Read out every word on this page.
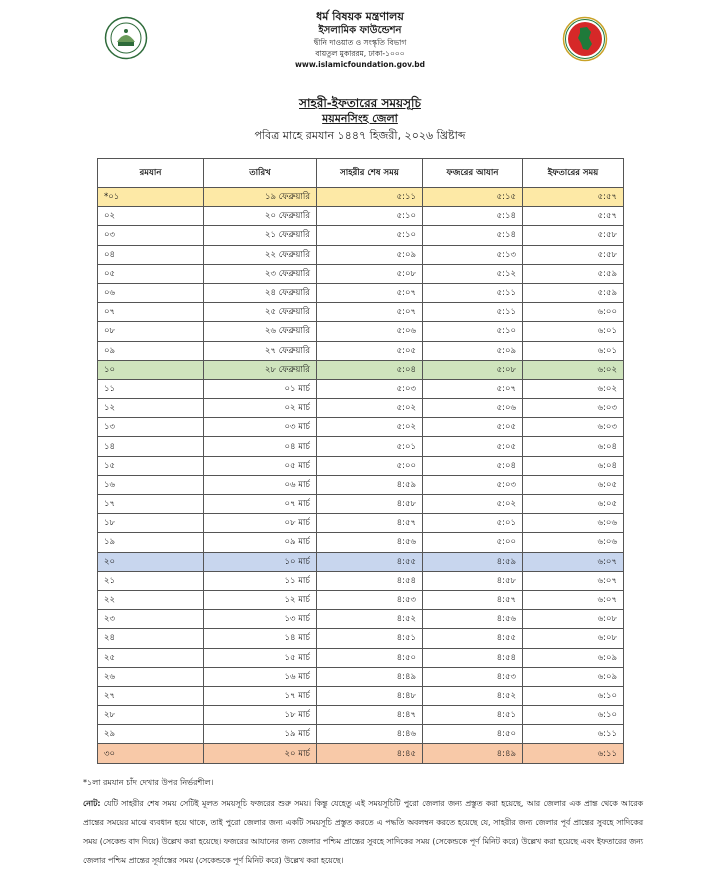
ধর্ম বিষয়ক মন্ত্রণালয়
ইসলামিক ফাউন্ডেশন
দ্বীনি দাওয়াত ও সংস্কৃতি বিভাগ
বায়তুল মুকাররম, ঢাকা-১০০০
www.islamicfoundation.gov.bd
সাহরী-ইফতারের সময়সূচি
ময়মনসিংহ জেলা
পবিত্র মাহে রমযান ১৪৪৭ হিজরী, ২০২৬ খ্রিষ্টাব্দ
রমযান	তারিখ	সাহরীর শেষ সময়	ফজরের আযান	ইফতারের সময়
*০১	১৯ ফেব্রুয়ারি	৫:১১	৫:১৫	৫:৫৭
০২	২০ ফেব্রুয়ারি	৫:১০	৫:১৪	৫:৫৭
০৩	২১ ফেব্রুয়ারি	৫:১০	৫:১৪	৫:৫৮
০৪	২২ ফেব্রুয়ারি	৫:০৯	৫:১৩	৫:৫৮
০৫	২৩ ফেব্রুয়ারি	৫:০৮	৫:১২	৫:৫৯
০৬	২৪ ফেব্রুয়ারি	৫:০৭	৫:১১	৫:৫৯
০৭	২৫ ফেব্রুয়ারি	৫:০৭	৫:১১	৬:০০
০৮	২৬ ফেব্রুয়ারি	৫:০৬	৫:১০	৬:০১
০৯	২৭ ফেব্রুয়ারি	৫:০৫	৫:০৯	৬:০১
১০	২৮ ফেব্রুয়ারি	৫:০৪	৫:০৮	৬:০২
১১	০১ মার্চ	৫:০৩	৫:০৭	৬:০২
১২	০২ মার্চ	৫:০২	৫:০৬	৬:০৩
১৩	০৩ মার্চ	৫:০২	৫:০৫	৬:০৩
১৪	০৪ মার্চ	৫:০১	৫:০৫	৬:০৪
১৫	০৫ মার্চ	৫:০০	৫:০৪	৬:০৪
১৬	০৬ মার্চ	৪:৫৯	৫:০৩	৬:০৫
১৭	০৭ মার্চ	৪:৫৮	৫:০২	৬:০৫
১৮	০৮ মার্চ	৪:৫৭	৫:০১	৬:০৬
১৯	০৯ মার্চ	৪:৫৬	৫:০০	৬:০৬
২০	১০ মার্চ	৪:৫৫	৪:৫৯	৬:০৭
২১	১১ মার্চ	৪:৫৪	৪:৫৮	৬:০৭
২২	১২ মার্চ	৪:৫৩	৪:৫৭	৬:০৭
২৩	১৩ মার্চ	৪:৫২	৪:৫৬	৬:০৮
২৪	১৪ মার্চ	৪:৫১	৪:৫৫	৬:০৮
২৫	১৫ মার্চ	৪:৫০	৪:৫৪	৬:০৯
২৬	১৬ মার্চ	৪:৪৯	৪:৫৩	৬:০৯
২৭	১৭ মার্চ	৪:৪৮	৪:৫২	৬:১০
২৮	১৮ মার্চ	৪:৪৭	৪:৫১	৬:১০
২৯	১৯ মার্চ	৪:৪৬	৪:৫০	৬:১১
৩০	২০ মার্চ	৪:৪৫	৪:৪৯	৬:১১
*১লা রমযান চাঁদ দেখার উপর নির্ভরশীল।
নোট: যেটি সাহরীর শেষ সময় সেটিই মূলত সময়সূচি ফজরের শুরু সময়। কিন্তু যেহেতু এই সময়সূচিটি পুরো জেলার জন্য প্রস্তুত করা হয়েছে, আর জেলার এক প্রান্ত থেকে আরেক প্রান্তের সময়ের মাঝে ব্যবধান হয়ে থাকে, তাই পুরো জেলার জন্য একটি সময়সূচি প্রস্তুত করতে এ পদ্ধতি অবলম্বন করতে হয়েছে যে, সাহরীর জন্য জেলার পূর্ব প্রান্তের সুবহে সাদিকের সময় (সেকেন্ড বাদ দিয়ে) উল্লেখ করা হয়েছে। ফজরের আযানের জন্য জেলার পশ্চিম প্রান্তের সুবহে সাদিকের সময় (সেকেন্ডকে পূর্ণ মিনিট করে) উল্লেখ করা হয়েছে এবং ইফতারের জন্য জেলার পশ্চিম প্রান্তের সূর্যাস্তের সময় (সেকেন্ডকে পূর্ণ মিনিট করে) উল্লেখ করা হয়েছে।
